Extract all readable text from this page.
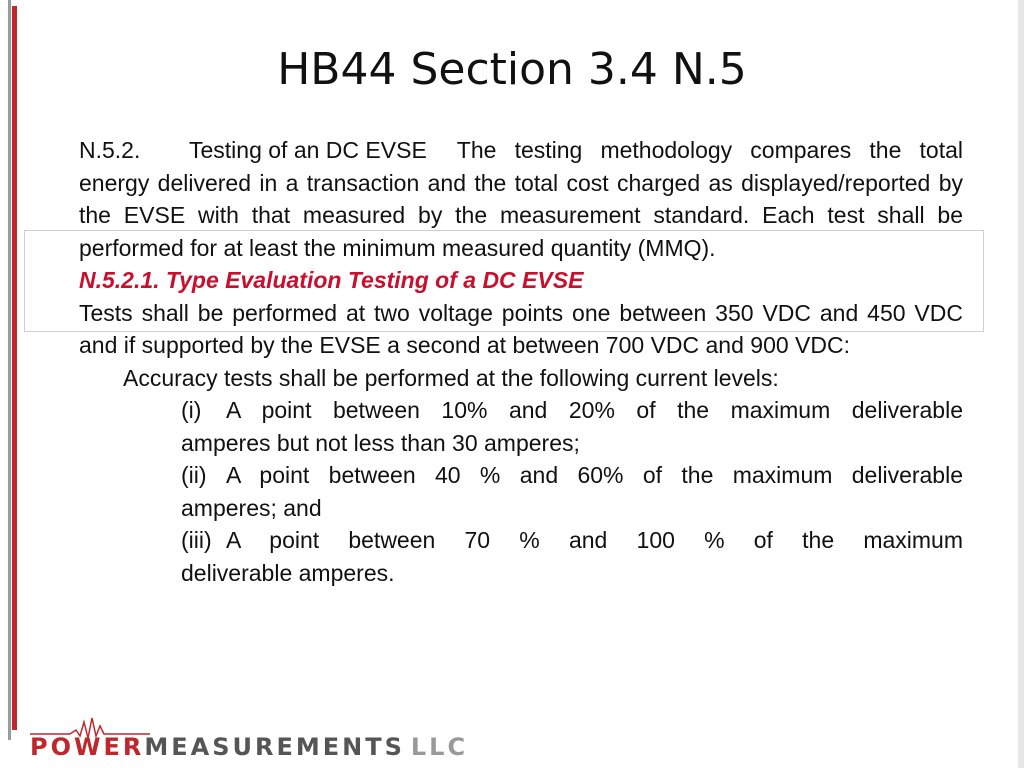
HB44 Section 3.4 N.5
N.5.2. Testing of an DC EVSE The testing methodology compares the total energy delivered in a transaction and the total cost charged as displayed/reported by the EVSE with that measured by the measurement standard. Each test shall be performed for at least the minimum measured quantity (MMQ).
N.5.2.1. Type Evaluation Testing of a DC EVSE
Tests shall be performed at two voltage points one between 350 VDC and 450 VDC and if supported by the EVSE a second at between 700 VDC and 900 VDC:
Accuracy tests shall be performed at the following current levels:
(i)	A point between 10% and 20% of the maximum deliverable
amperes but not less than 30 amperes;
(ii) A point between 40 % and 60% of the maximum deliverable
amperes; and
(iii) A point between 70 % and 100 % of the maximum
deliverable amperes.
POWER MEASUREMENTS LLC
